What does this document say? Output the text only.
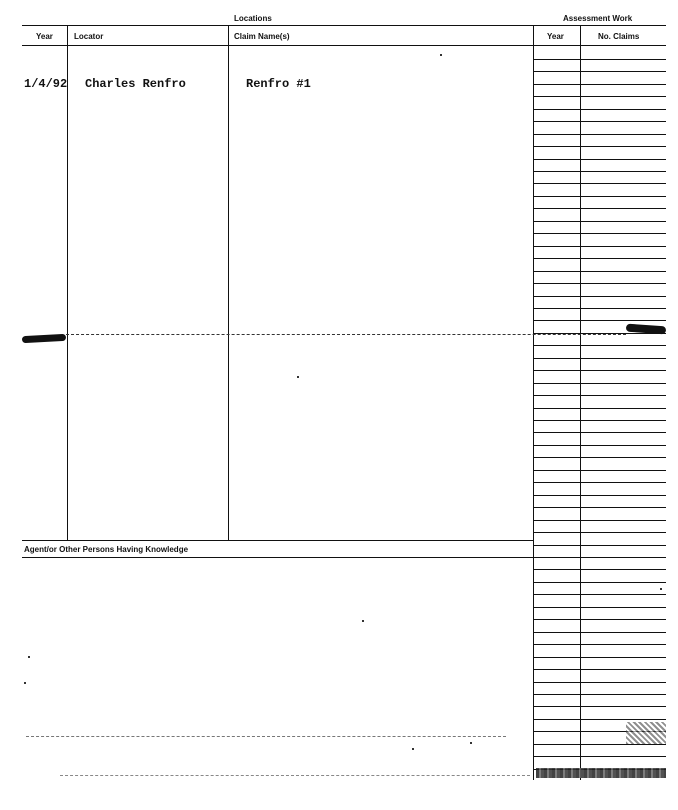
Locations	Assessment Work
Year	Locator	Claim Name(s)	Year	No. Claims
1/4/92 Charles Renfro	Renfro #1
Agent/or Other Persons Having Knowledge
